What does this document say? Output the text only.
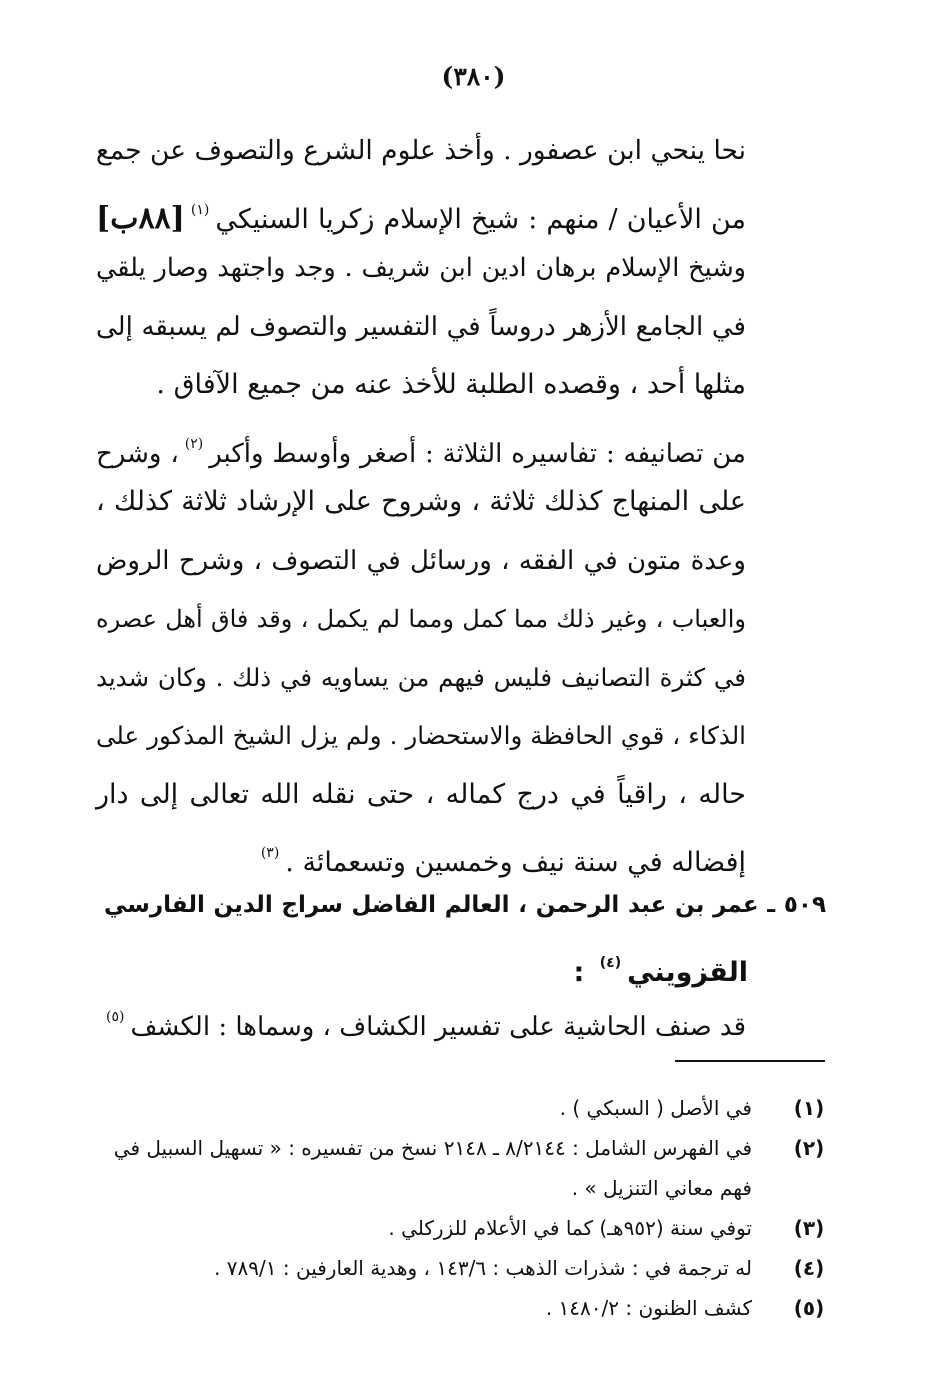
(٣٨٠)
نحا ينحي ابن عصفور . وأخذ علوم الشرع والتصوف عن جمع
من الأعيان / منهم : شيخ الإسلام زكريا السنيكي$^{(١)}$[٨٨ب]
وشيخ الإسلام برهان ادين ابن شريف . وجد واجتهد وصار يلقي
في الجامع الأزهر دروساً في التفسير والتصوف لم يسبقه إلى
مثلها أحد ، وقصده الطلبة للأخذ عنه من جميع الآفاق .
من تصانيفه : تفاسيره الثلاثة : أصغر وأوسط وأكبر$^{(٢)}$، وشرح
على المنهاج كذلك ثلاثة ، وشروح على الإرشاد ثلاثة كذلك ،
وعدة متون في الفقه ، ورسائل في التصوف ، وشرح الروض
والعباب ، وغير ذلك مما كمل ومما لم يكمل ، وقد فاق أهل عصره
في كثرة التصانيف فليس فيهم من يساويه في ذلك . وكان شديد
الذكاء ، قوي الحافظة والاستحضار . ولم يزل الشيخ المذكور على
حاله ، راقياً في درج كماله ، حتى نقله الله تعالى إلى دار
إفضاله في سنة نيف وخمسين وتسعمائة .$^{(٣)}$
٥٠٩ ـ عمر بن عبد الرحمن ، العالم الفاضل سراج الدين الفارسي
القزويني$^{(٤)}$ :
قد صنف الحاشية على تفسير الكشاف ، وسماها : الكشف$^{(٥)}$
(١)
في الأصل ( السبكي ) .
(٢)
في الفهرس الشامل : ٨/٢١٤٤ ـ ٢١٤٨ نسخ من تفسيره : « تسهيل السبيل في
فهم معاني التنزيل » .
(٣)
توفي سنة (٩٥٢هـ) كما في الأعلام للزركلي .
(٤)
له ترجمة في : شذرات الذهب : ١٤٣/٦ ، وهدية العارفين : ٧٨٩/١ .
(٥)
كشف الظنون : ١٤٨٠/٢ .
